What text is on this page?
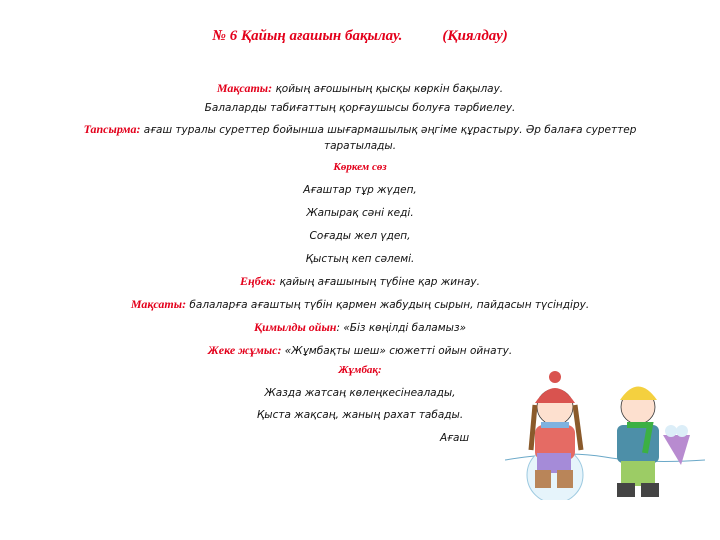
№ 6 Қайың ағашын бақылау.	(Қиялдау)
Мақсаты: қойың ағошының қысқы көркін бақылау.
Балаларды табиғаттың қорғаушысы болуға тәрбиелеу.
Тапсырма: ағаш туралы суреттер бойынша шығармашылық әңгіме құрастыру. Әр балаға суреттер
таратылады.
Көркем сөз
Ағаштар тұр жүдеп,
Жапырақ сәні кеді.
Соғады жел үдеп,
Қыстың кеп сәлемі.
Еңбек: қайың ағашының түбіне қар жинау.
Мақсаты: балаларға ағаштың түбін қармен жабудың сырын, пайдасын түсіндіру.
Қимылды ойын: «Біз көңілді баламыз»
Жеке жұмыс: «Жұмбақты шеш» сюжетті ойын ойнату.
Жұмбақ:
Жазда жатсаң көлеңкесінеалады,
Қыста жақсаң, жаның рахат табады.
Ағаш
